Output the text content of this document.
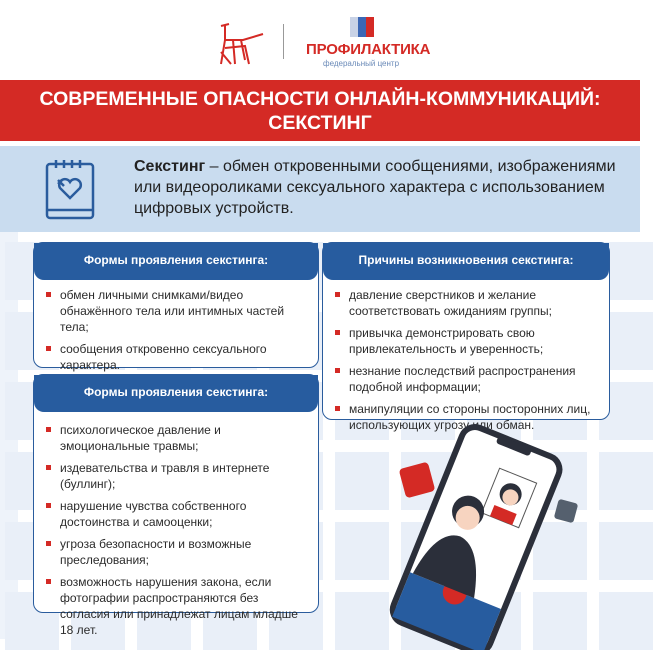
ПРОФИЛАКТИКА
федеральный центр
СОВРЕМЕННЫЕ ОПАСНОСТИ ОНЛАЙН-КОММУНИКАЦИЙ:
СЕКСТИНГ
Секстинг – обмен откровенными сообщениями, изображениями или видеороликами сексуального характера с использованием цифровых устройств.
Формы проявления секстинга:
обмен личными снимками/видео обнажённого тела или интимных частей тела;
сообщения откровенно сексуального характера.
Формы проявления секстинга:
психологическое давление и эмоциональные травмы;
издевательства и травля в интернете (буллинг);
нарушение чувства собственного достоинства и самооценки;
угроза безопасности и возможные преследования;
возможность нарушения закона, если фотографии распространяются без согласия или принадлежат лицам младше 18 лет.
Причины возникновения секстинга:
давление сверстников и желание соответствовать ожиданиям группы;
привычка демонстрировать свою привлекательность и уверенность;
незнание последствий распространения подобной информации;
манипуляции со стороны посторонних лиц, использующих угрозу или обман.
